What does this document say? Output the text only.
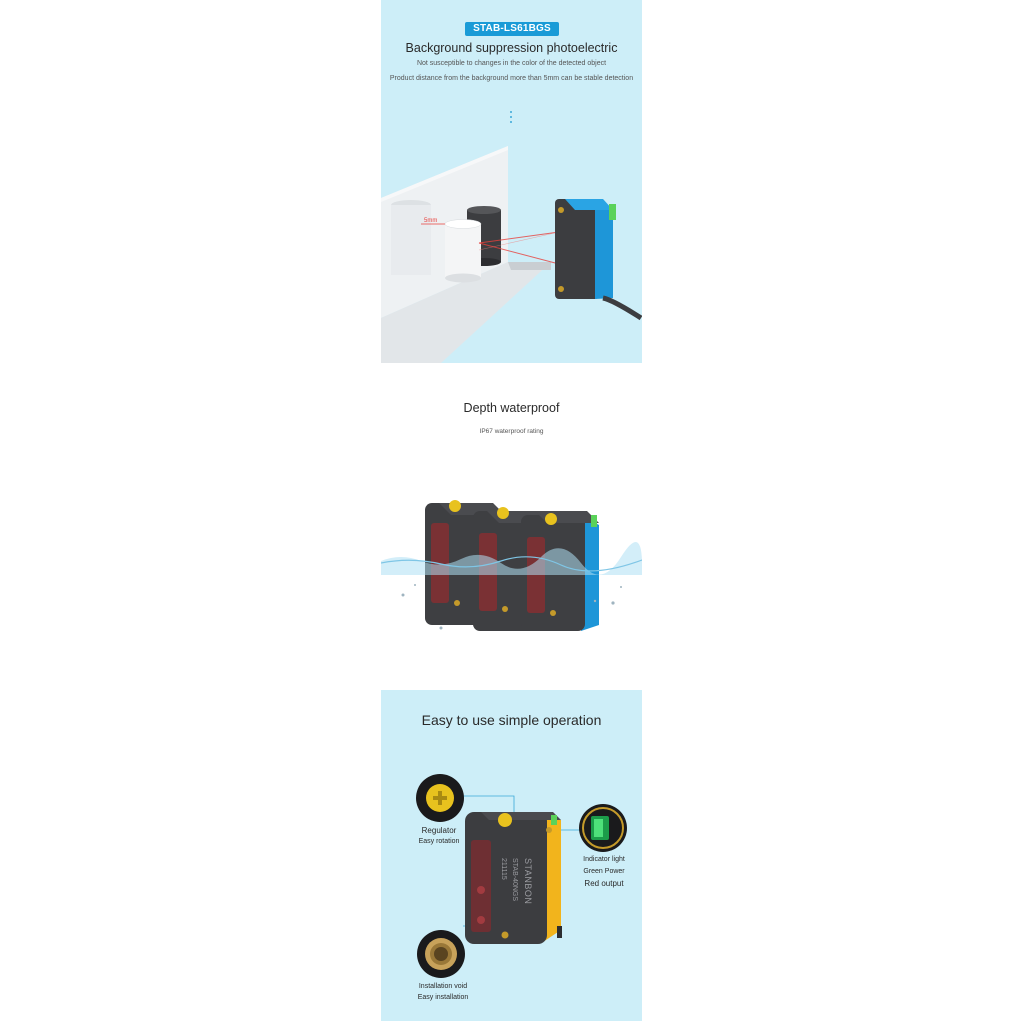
STAB-LS61BGS
Background suppression photoelectric
Not susceptible to changes in the color of the detected object
Product distance from the background more than 5mm can be stable detection
5mm
Depth waterproof
IP67 waterproof rating
Easy to use simple operation
STANBON
STAB-40NGS
211115
Regulator
Easy rotation
Indicator light
Green Power
Red output
Installation void
Easy installation
